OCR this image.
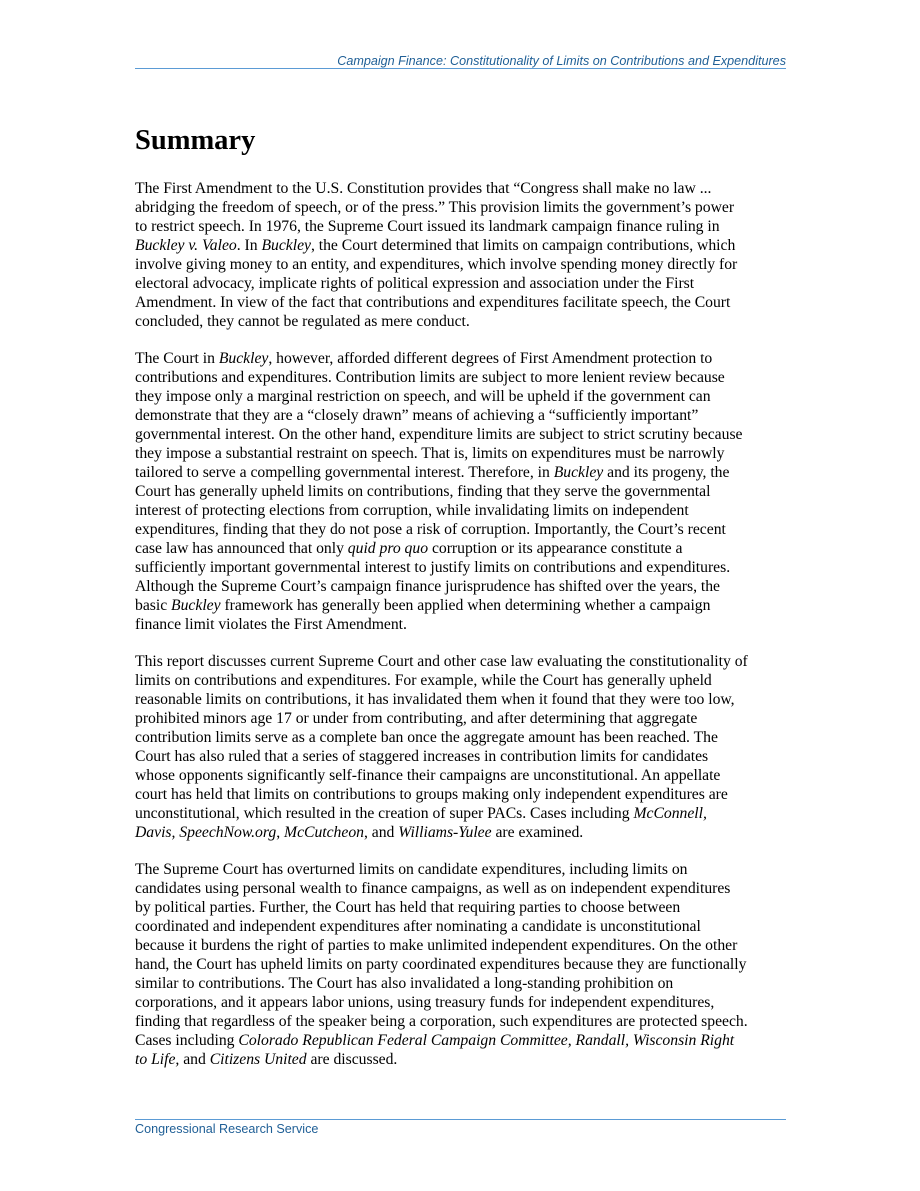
Campaign Finance: Constitutionality of Limits on Contributions and Expenditures
Summary

The First Amendment to the U.S. Constitution provides that “Congress shall make no law ...
abridging the freedom of speech, or of the press.” This provision limits the government’s power
to restrict speech. In 1976, the Supreme Court issued its landmark campaign finance ruling in
Buckley v. Valeo. In Buckley, the Court determined that limits on campaign contributions, which
involve giving money to an entity, and expenditures, which involve spending money directly for
electoral advocacy, implicate rights of political expression and association under the First
Amendment. In view of the fact that contributions and expenditures facilitate speech, the Court
concluded, they cannot be regulated as mere conduct.

The Court in Buckley, however, afforded different degrees of First Amendment protection to
contributions and expenditures. Contribution limits are subject to more lenient review because
they impose only a marginal restriction on speech, and will be upheld if the government can
demonstrate that they are a “closely drawn” means of achieving a “sufficiently important”
governmental interest. On the other hand, expenditure limits are subject to strict scrutiny because
they impose a substantial restraint on speech. That is, limits on expenditures must be narrowly
tailored to serve a compelling governmental interest. Therefore, in Buckley and its progeny, the
Court has generally upheld limits on contributions, finding that they serve the governmental
interest of protecting elections from corruption, while invalidating limits on independent
expenditures, finding that they do not pose a risk of corruption. Importantly, the Court’s recent
case law has announced that only quid pro quo corruption or its appearance constitute a
sufficiently important governmental interest to justify limits on contributions and expenditures.
Although the Supreme Court’s campaign finance jurisprudence has shifted over the years, the
basic Buckley framework has generally been applied when determining whether a campaign
finance limit violates the First Amendment.

This report discusses current Supreme Court and other case law evaluating the constitutionality of
limits on contributions and expenditures. For example, while the Court has generally upheld
reasonable limits on contributions, it has invalidated them when it found that they were too low,
prohibited minors age 17 or under from contributing, and after determining that aggregate
contribution limits serve as a complete ban once the aggregate amount has been reached. The
Court has also ruled that a series of staggered increases in contribution limits for candidates
whose opponents significantly self-finance their campaigns are unconstitutional. An appellate
court has held that limits on contributions to groups making only independent expenditures are
unconstitutional, which resulted in the creation of super PACs. Cases including McConnell,
Davis, SpeechNow.org, McCutcheon, and Williams-Yulee are examined.

The Supreme Court has overturned limits on candidate expenditures, including limits on
candidates using personal wealth to finance campaigns, as well as on independent expenditures
by political parties. Further, the Court has held that requiring parties to choose between
coordinated and independent expenditures after nominating a candidate is unconstitutional
because it burdens the right of parties to make unlimited independent expenditures. On the other
hand, the Court has upheld limits on party coordinated expenditures because they are functionally
similar to contributions. The Court has also invalidated a long-standing prohibition on
corporations, and it appears labor unions, using treasury funds for independent expenditures,
finding that regardless of the speaker being a corporation, such expenditures are protected speech.
Cases including Colorado Republican Federal Campaign Committee, Randall, Wisconsin Right
to Life, and Citizens United are discussed.

Congressional Research Service
